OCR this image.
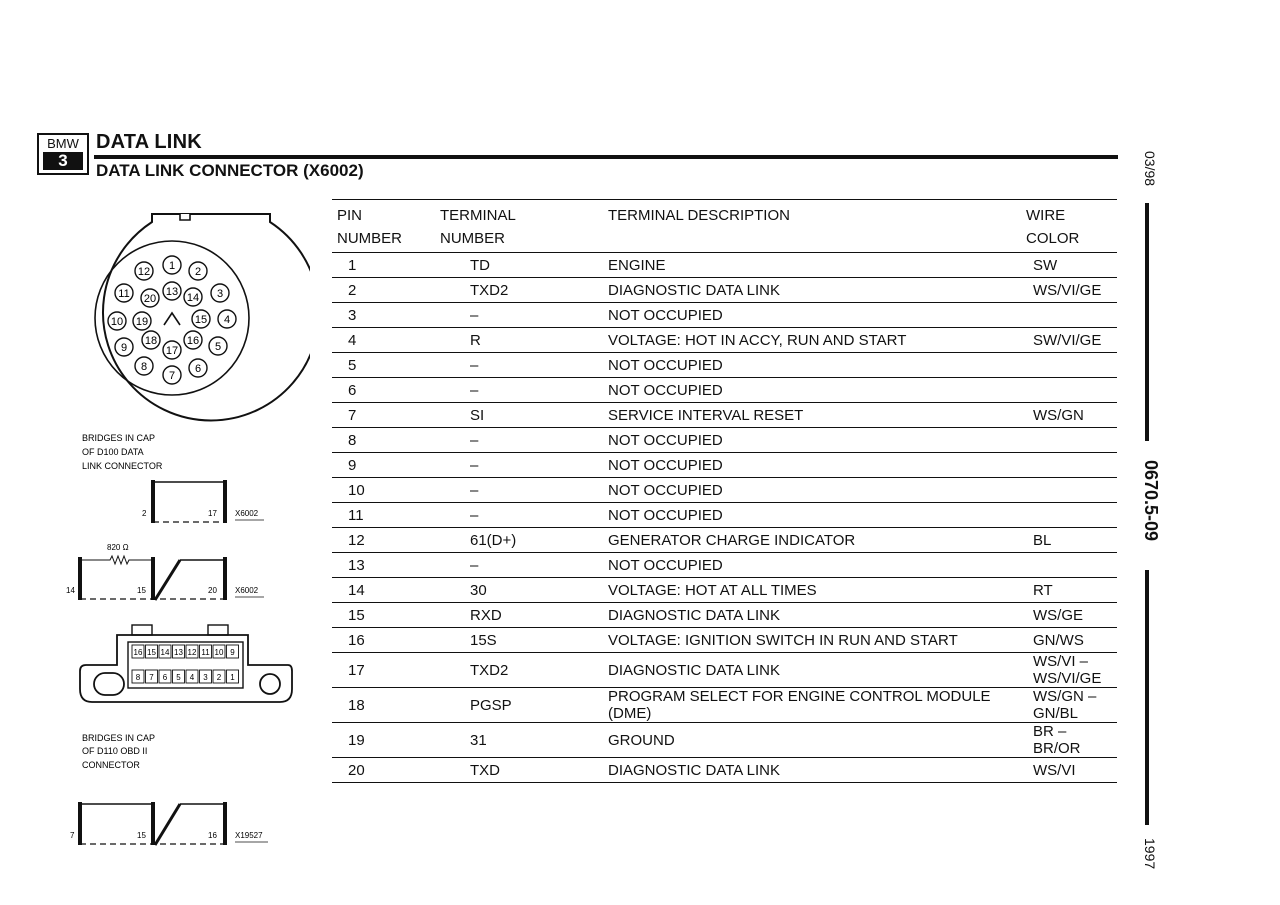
BMW
3
DATA LINK
DATA LINK CONNECTOR (X6002)
1 2
3
4
5
6
7
8
9
10
11
12
13 14
15
16
17
18
19
20
BRIDGES IN CAP
OF D100 DATA
LINK CONNECTOR
2	17 X6002
820 Ω
14	15	20 X6002
16 15 14 13 12 11 10 9
8 7 6 5 4 3 2 1
BRIDGES IN CAP
OF D110 OBD II
CONNECTOR
7	15	16 X19527
PIN
NUMBER	TERMINAL
NUMBER	TERMINAL DESCRIPTION	WIRE COLOR
1	TD	ENGINE	SW
2	TXD2	DIAGNOSTIC DATA LINK	WS/VI/GE
3	–	NOT OCCUPIED	
4	R	VOLTAGE: HOT IN ACCY, RUN AND START	SW/VI/GE
5	–	NOT OCCUPIED	
6	–	NOT OCCUPIED	
7	SI	SERVICE INTERVAL RESET	WS/GN
8	–	NOT OCCUPIED	
9	–	NOT OCCUPIED	
10	–	NOT OCCUPIED	
11	–	NOT OCCUPIED	
12	61(D+)	GENERATOR CHARGE INDICATOR	BL
13	–	NOT OCCUPIED	
14	30	VOLTAGE: HOT AT ALL TIMES	RT
15	RXD	DIAGNOSTIC DATA LINK	WS/GE
16	15S	VOLTAGE: IGNITION SWITCH IN RUN AND START	GN/WS
17	TXD2	DIAGNOSTIC DATA LINK	WS/VI – WS/VI/GE
18	PGSP	PROGRAM SELECT FOR ENGINE CONTROL MODULE (DME)	WS/GN – GN/BL
19	31	GROUND	BR – BR/OR
20	TXD	DIAGNOSTIC DATA LINK	WS/VI
03/98
0670.5-09
1997
